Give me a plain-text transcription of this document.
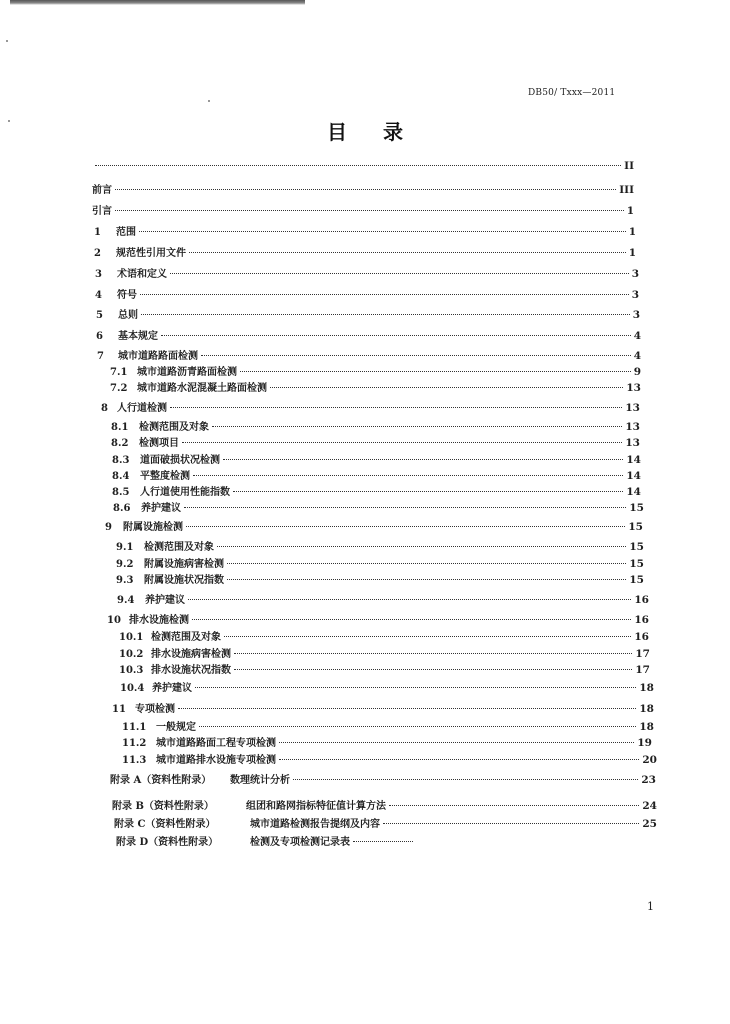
DB50/ Txxx—2011
目 录
II
前言	III
引言	1
1	范围	1
2	规范性引用文件	1
3	术语和定义	3
4	符号	3
5	总则	3
6	基本规定	4
7	城市道路路面检测	4
7.1 城市道路沥青路面检测	9
7.2 城市道路水泥混凝土路面检测	13
8 人行道检测	13
8.1	检测范围及对象	13
8.2	检测项目	13
8.3	道面破损状况检测	14
8.4	平整度检测	14
8.5	人行道使用性能指数	14
8.6	养护建议	15
9	附属设施检测	15
9.1	检测范围及对象	15
9.2	附属设施病害检测	15
9.3	附属设施状况指数	15
9.4	养护建议	16
10 排水设施检测	16
10.1 检测范围及对象	16
10.2 排水设施病害检测	17
10.3 排水设施状况指数	17
10.4 养护建议	18
11 专项检测	18
11.1 一般规定	18
11.2 城市道路路面工程专项检测	19
11.3 城市道路排水设施专项检测	20
附录 A（资料性附录）	数理统计分析	23
附录 B（资料性附录）	组团和路网指标特征值计算方法	24
附录 C（资料性附录）	城市道路检测报告提纲及内容	25
附录 D（资料性附录）	检测及专项检测记录表
1
